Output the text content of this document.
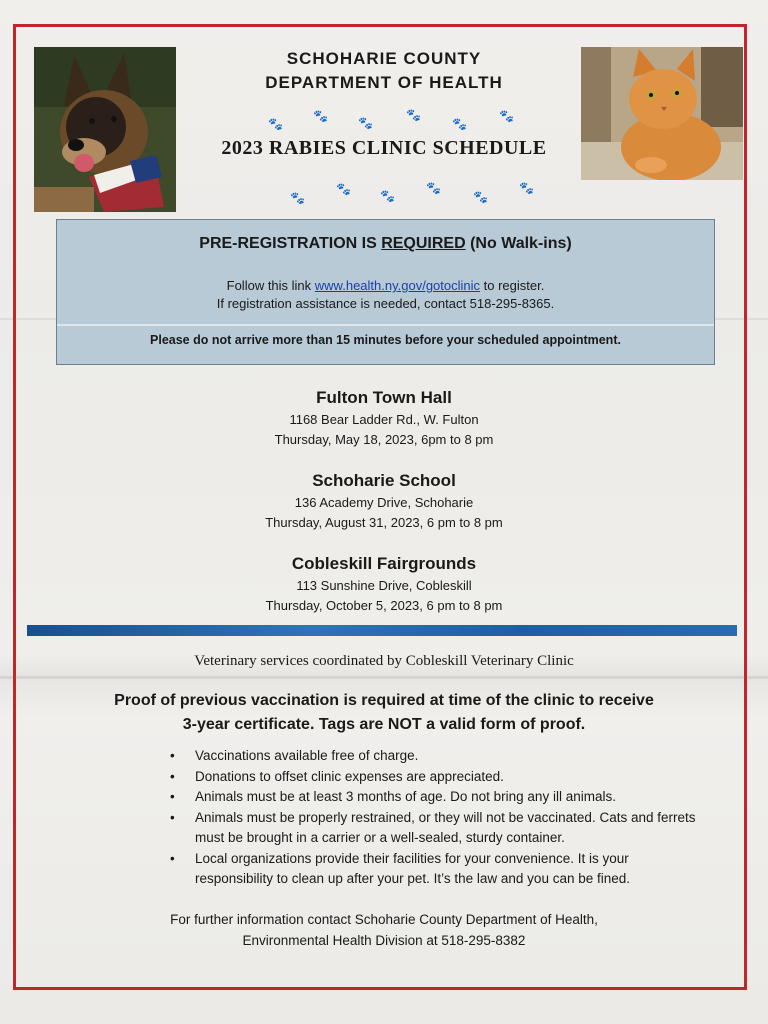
SCHOHARIE COUNTY
DEPARTMENT OF HEALTH
🐾
🐾	🐾
🐾
🐾
🐾
2023 RABIES CLINIC SCHEDULE
🐾
🐾 🐾
🐾
🐾
🐾
PRE-REGISTRATION IS REQUIRED (No Walk-ins)
Follow this link www.health.ny.gov/gotoclinic to register.
If registration assistance is needed, contact 518-295-8365.
Please do not arrive more than 15 minutes before your scheduled appointment.
Fulton Town Hall
1168 Bear Ladder Rd., W. Fulton
Thursday, May 18, 2023, 6pm to 8 pm
Schoharie School
136 Academy Drive, Schoharie
Thursday, August 31, 2023, 6 pm to 8 pm
Cobleskill Fairgrounds
113 Sunshine Drive, Cobleskill
Thursday, October 5, 2023, 6 pm to 8 pm
Veterinary services coordinated by Cobleskill Veterinary Clinic
Proof of previous vaccination is required at time of the clinic to receive
3-year certificate. Tags are NOT a valid form of proof.
• Vaccinations available free of charge.
• Donations to offset clinic expenses are appreciated.
• Animals must be at least 3 months of age. Do not bring any ill animals.
• Animals must be properly restrained, or they will not be vaccinated. Cats and ferrets
must be brought in a carrier or a well-sealed, sturdy container.
• Local organizations provide their facilities for your convenience. It is your
responsibility to clean up after your pet. It’s the law and you can be fined.
For further information contact Schoharie County Department of Health,
Environmental Health Division at 518-295-8382
